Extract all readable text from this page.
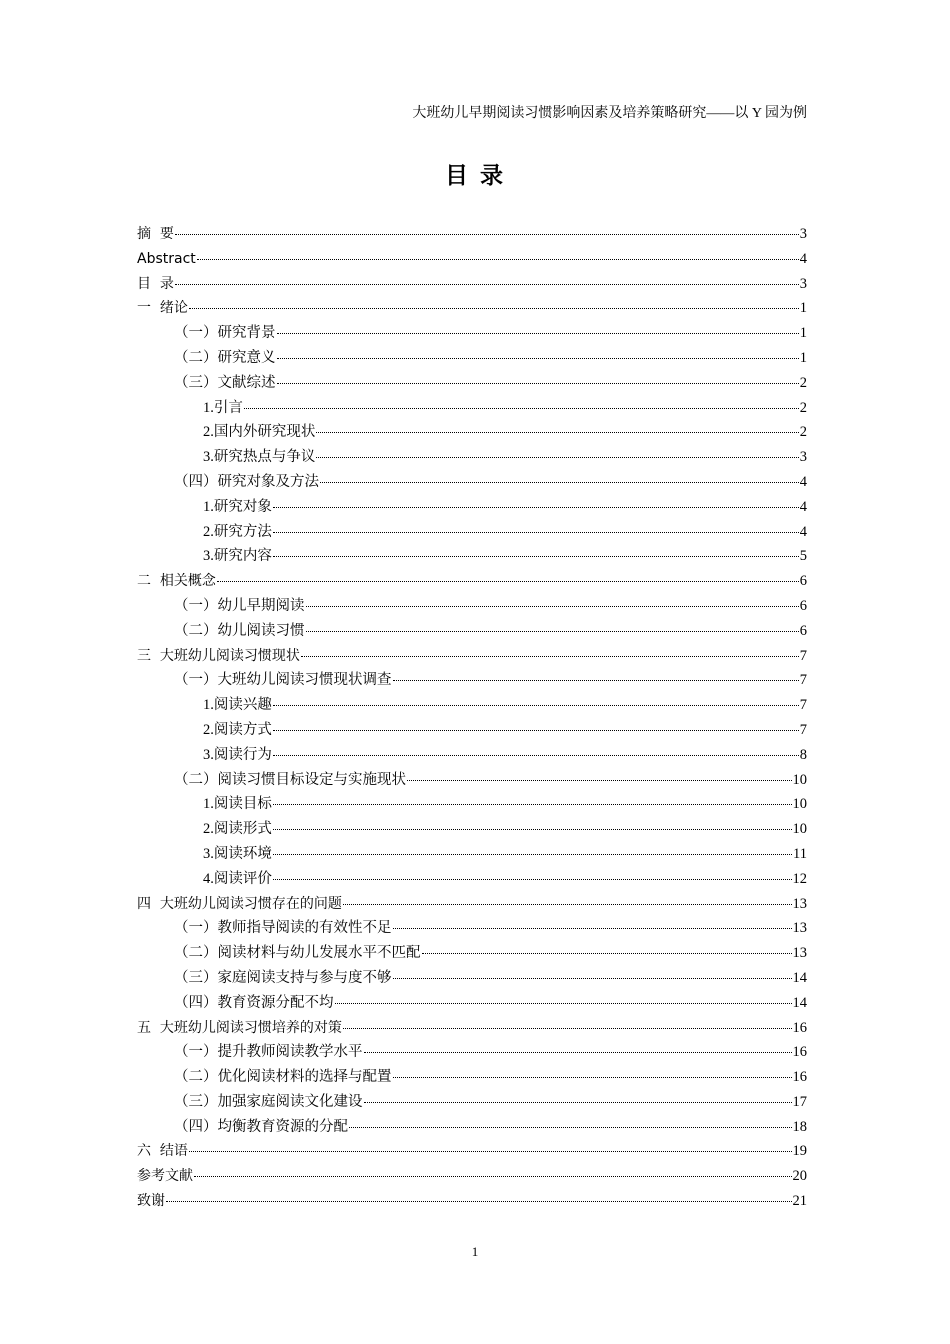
大班幼儿早期阅读习惯影响因素及培养策略研究——以 Y 园为例
目 录
摘  要	3
Abstract	4
目  录	3
一  绪论	1
（一）研究背景	1
（二）研究意义	1
（三）文献综述	2
1.引言	2
2.国内外研究现状	2
3.研究热点与争议	3
（四）研究对象及方法	4
1.研究对象	4
2.研究方法	4
3.研究内容	5
二  相关概念	6
（一）幼儿早期阅读	6
（二）幼儿阅读习惯	6
三  大班幼儿阅读习惯现状	7
（一）大班幼儿阅读习惯现状调查	7
1.阅读兴趣	7
2.阅读方式	7
3.阅读行为	8
（二）阅读习惯目标设定与实施现状	10
1.阅读目标	10
2.阅读形式	10
3.阅读环境	11
4.阅读评价	12
四  大班幼儿阅读习惯存在的问题	13
（一）教师指导阅读的有效性不足	13
（二）阅读材料与幼儿发展水平不匹配	13
（三）家庭阅读支持与参与度不够	14
（四）教育资源分配不均	14
五  大班幼儿阅读习惯培养的对策	16
（一）提升教师阅读教学水平	16
（二）优化阅读材料的选择与配置	16
（三）加强家庭阅读文化建设	17
（四）均衡教育资源的分配	18
六  结语	19
参考文献	20
致谢	21
1
